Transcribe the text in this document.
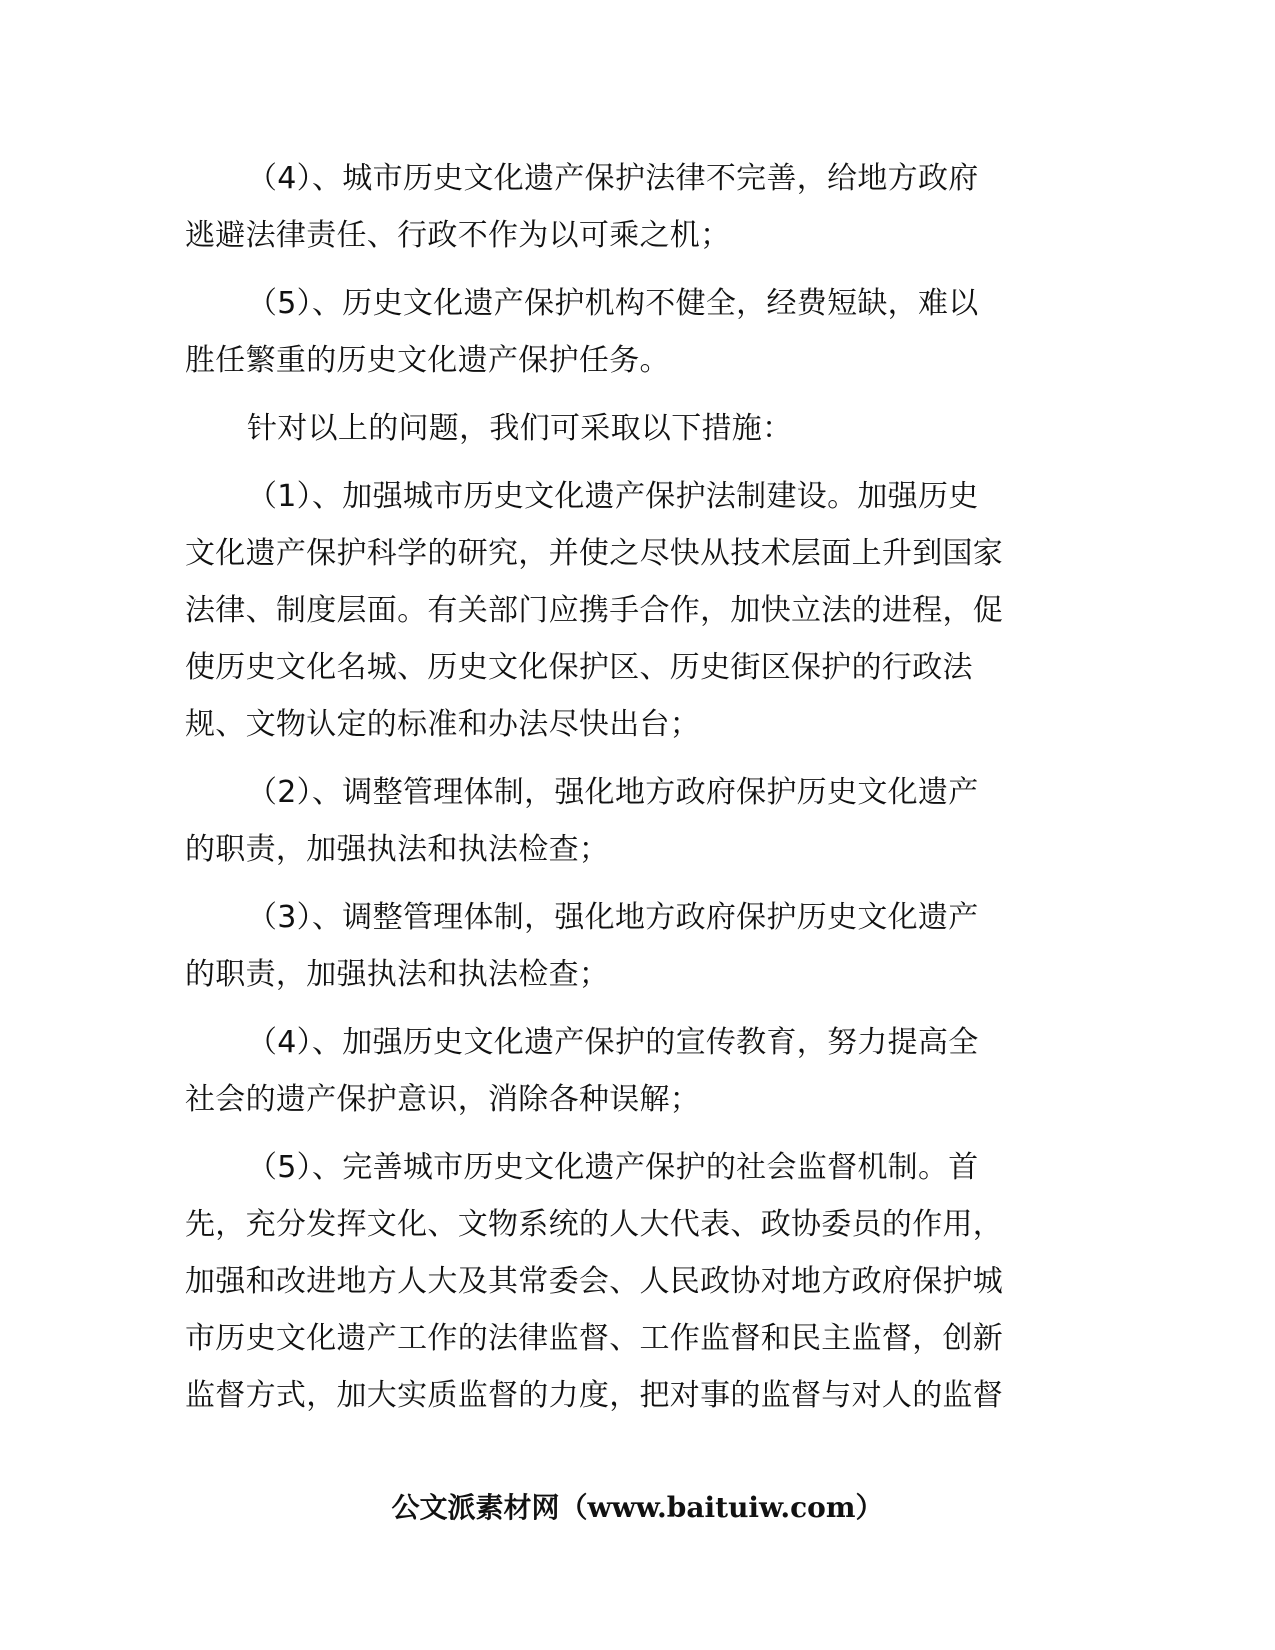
（4）、城市历史文化遗产保护法律不完善，给地方政府
逃避法律责任、行政不作为以可乘之机；
（5）、历史文化遗产保护机构不健全，经费短缺，难以
胜任繁重的历史文化遗产保护任务。
针对以上的问题，我们可采取以下措施：
（1）、加强城市历史文化遗产保护法制建设。加强历史
文化遗产保护科学的研究，并使之尽快从技术层面上升到国家
法律、制度层面。有关部门应携手合作，加快立法的进程，促
使历史文化名城、历史文化保护区、历史街区保护的行政法
规、文物认定的标准和办法尽快出台；
（2）、调整管理体制，强化地方政府保护历史文化遗产
的职责，加强执法和执法检查；
（3）、调整管理体制，强化地方政府保护历史文化遗产
的职责，加强执法和执法检查；
（4）、加强历史文化遗产保护的宣传教育，努力提高全
社会的遗产保护意识，消除各种误解；
（5）、完善城市历史文化遗产保护的社会监督机制。首
先，充分发挥文化、文物系统的人大代表、政协委员的作用，
加强和改进地方人大及其常委会、人民政协对地方政府保护城
市历史文化遗产工作的法律监督、工作监督和民主监督，创新
监督方式，加大实质监督的力度，把对事的监督与对人的监督
公文派素材网（www.baituiw.com）
